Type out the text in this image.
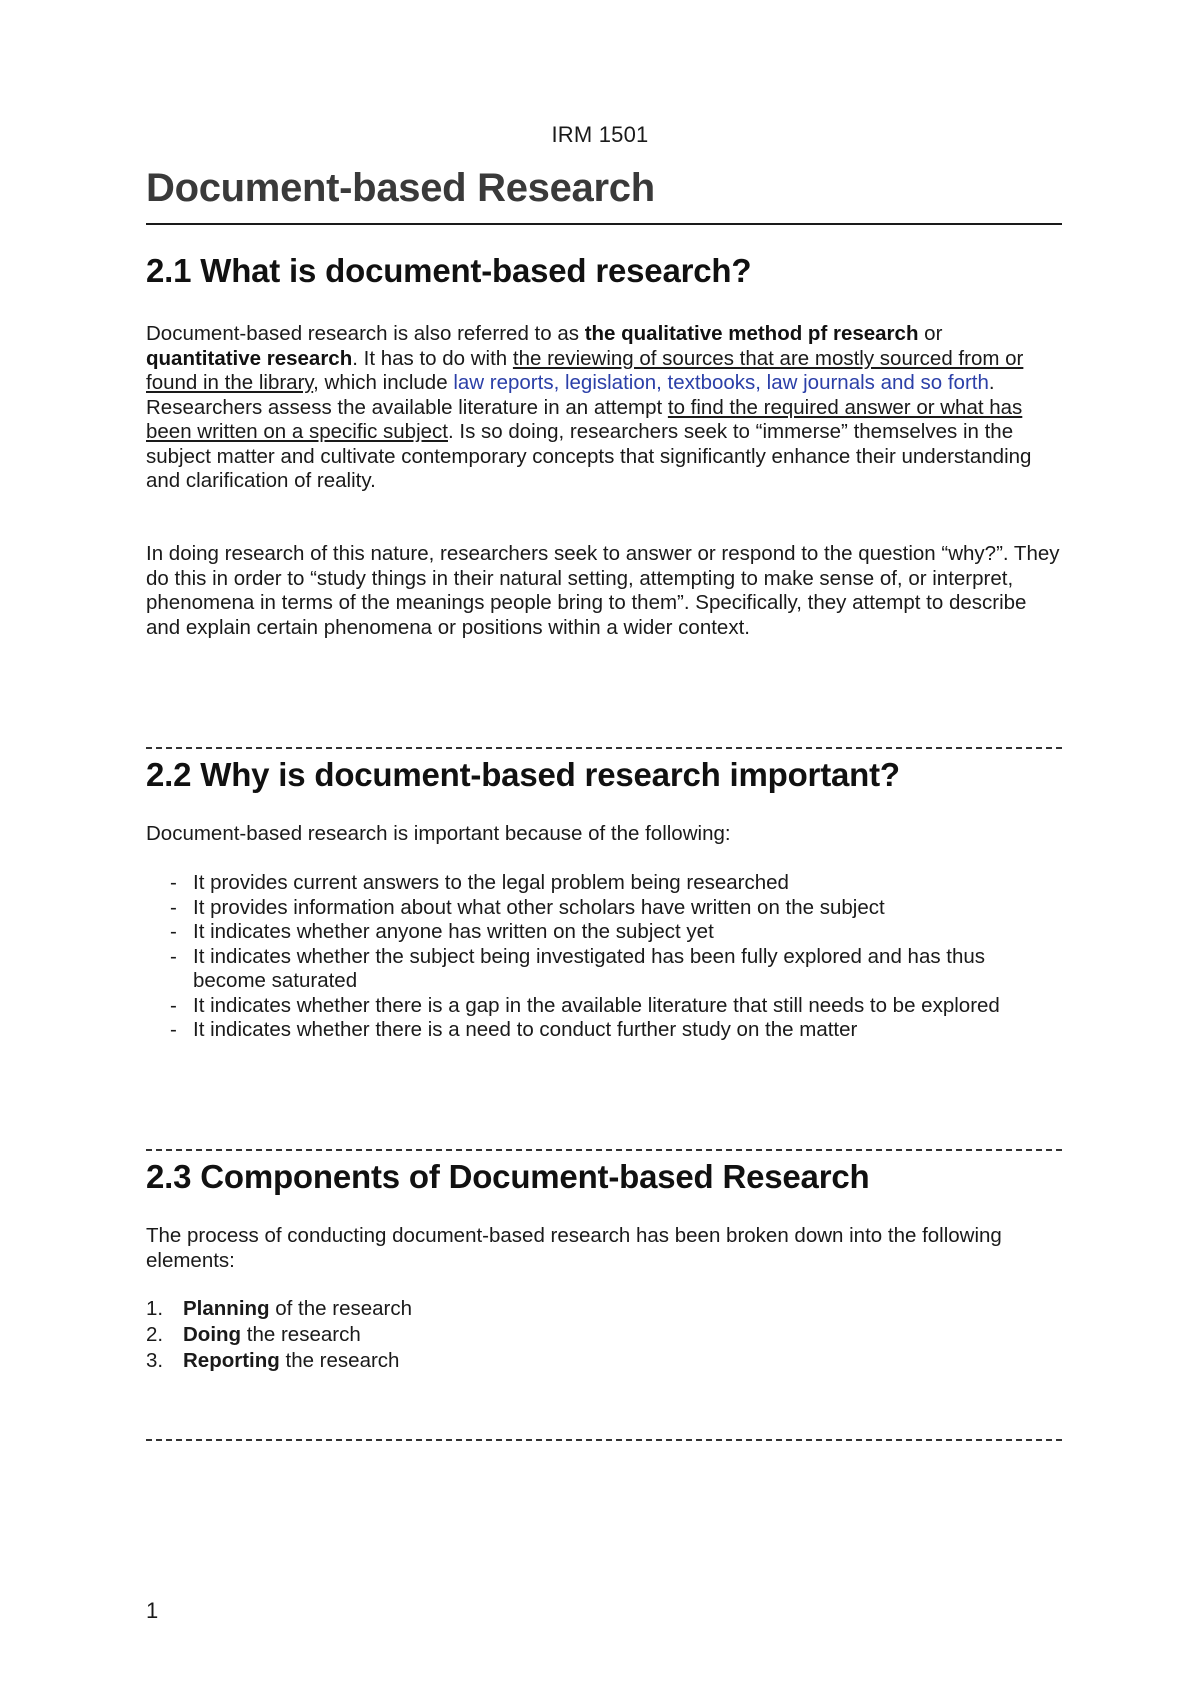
IRM 1501
Document-based Research
2.1 What is document-based research?

Document-based research is also referred to as the qualitative method pf research or quantitative research. It has to do with the reviewing of sources that are mostly sourced from or found in the library, which include law reports, legislation, textbooks, law journals and so forth. Researchers assess the available literature in an attempt to find the required answer or what has been written on a specific subject. Is so doing, researchers seek to “immerse” themselves in the subject matter and cultivate contemporary concepts that significantly enhance their understanding and clarification of reality.

In doing research of this nature, researchers seek to answer or respond to the question “why?”. They do this in order to “study things in their natural setting, attempting to make sense of, or interpret, phenomena in terms of the meanings people bring to them”. Specifically, they attempt to describe and explain certain phenomena or positions within a wider context.

2.2 Why is document-based research important?

Document-based research is important because of the following:

- It provides current answers to the legal problem being researched
- It provides information about what other scholars have written on the subject
- It indicates whether anyone has written on the subject yet
- It indicates whether the subject being investigated has been fully explored and has thus become saturated
- It indicates whether there is a gap in the available literature that still needs to be explored
- It indicates whether there is a need to conduct further study on the matter
2.3 Components of Document-based Research

The process of conducting document-based research has been broken down into the following elements:

1. Planning of the research
2. Doing the research
3. Reporting the research
1
